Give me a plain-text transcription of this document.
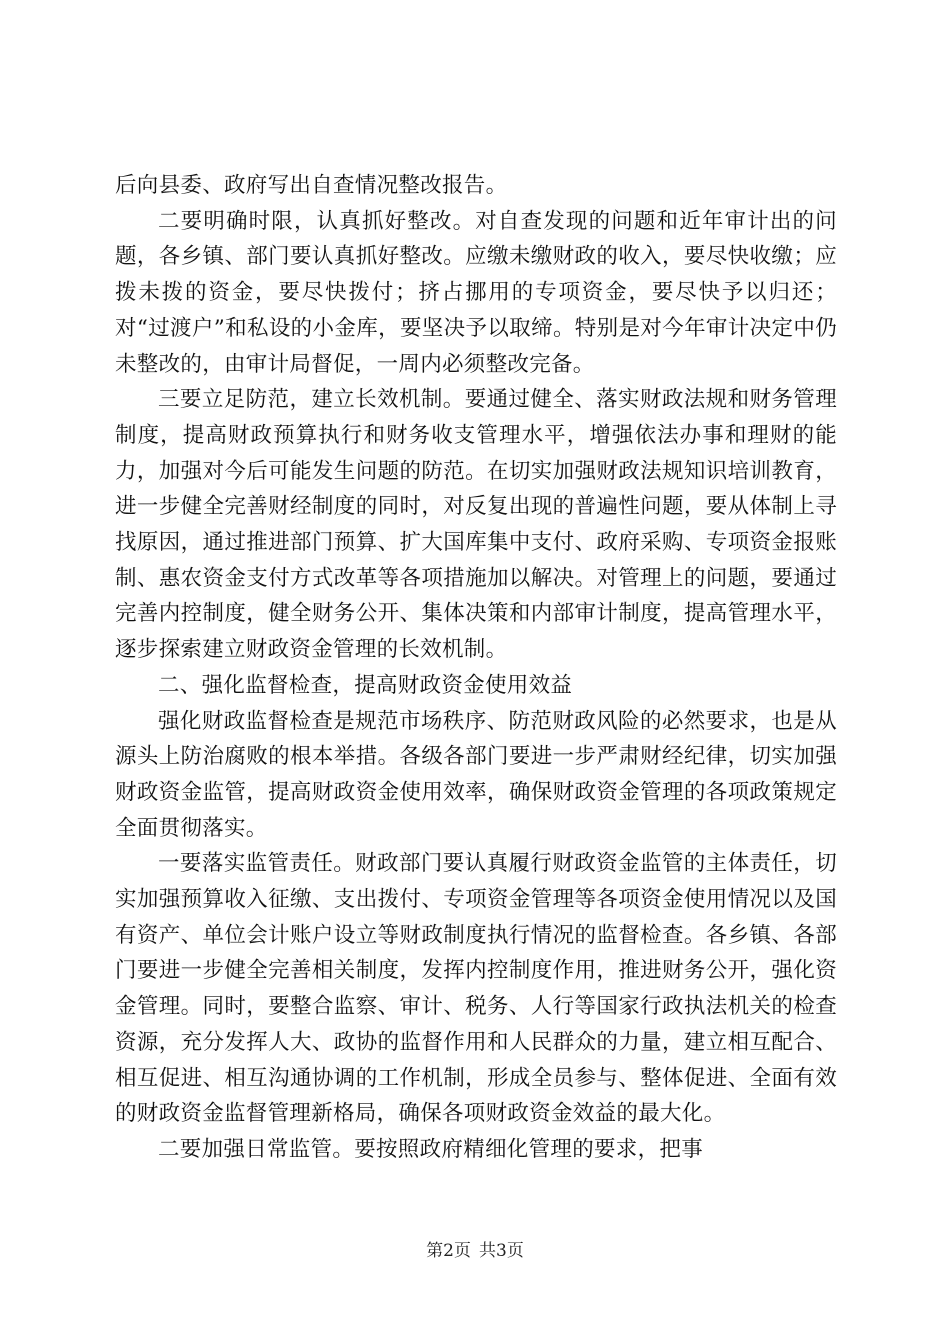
后向县委、政府写出自查情况整改报告。

二要明确时限，认真抓好整改。对自查发现的问题和近年审计出的问题，各乡镇、部门要认真抓好整改。应缴未缴财政的收入，要尽快收缴；应拨未拨的资金，要尽快拨付；挤占挪用的专项资金，要尽快予以归还；对“过渡户”和私设的小金库，要坚决予以取缔。特别是对今年审计决定中仍未整改的，由审计局督促，一周内必须整改完备。

三要立足防范，建立长效机制。要通过健全、落实财政法规和财务管理制度，提高财政预算执行和财务收支管理水平，增强依法办事和理财的能力，加强对今后可能发生问题的防范。在切实加强财政法规知识培训教育，进一步健全完善财经制度的同时，对反复出现的普遍性问题，要从体制上寻找原因，通过推进部门预算、扩大国库集中支付、政府采购、专项资金报账制、惠农资金支付方式改革等各项措施加以解决。对管理上的问题，要通过完善内控制度，健全财务公开、集体决策和内部审计制度，提高管理水平，逐步探索建立财政资金管理的长效机制。

二、强化监督检查，提高财政资金使用效益

强化财政监督检查是规范市场秩序、防范财政风险的必然要求，也是从源头上防治腐败的根本举措。各级各部门要进一步严肃财经纪律，切实加强财政资金监管，提高财政资金使用效率，确保财政资金管理的各项政策规定全面贯彻落实。

一要落实监管责任。财政部门要认真履行财政资金监管的主体责任，切实加强预算收入征缴、支出拨付、专项资金管理等各项资金使用情况以及国有资产、单位会计账户设立等财政制度执行情况的监督检查。各乡镇、各部门要进一步健全完善相关制度，发挥内控制度作用，推进财务公开，强化资金管理。同时，要整合监察、审计、税务、人行等国家行政执法机关的检查资源，充分发挥人大、政协的监督作用和人民群众的力量，建立相互配合、相互促进、相互沟通协调的工作机制，形成全员参与、整体促进、全面有效的财政资金监督管理新格局，确保各项财政资金效益的最大化。

二要加强日常监管。要按照政府精细化管理的要求，把事

第2页 共3页
